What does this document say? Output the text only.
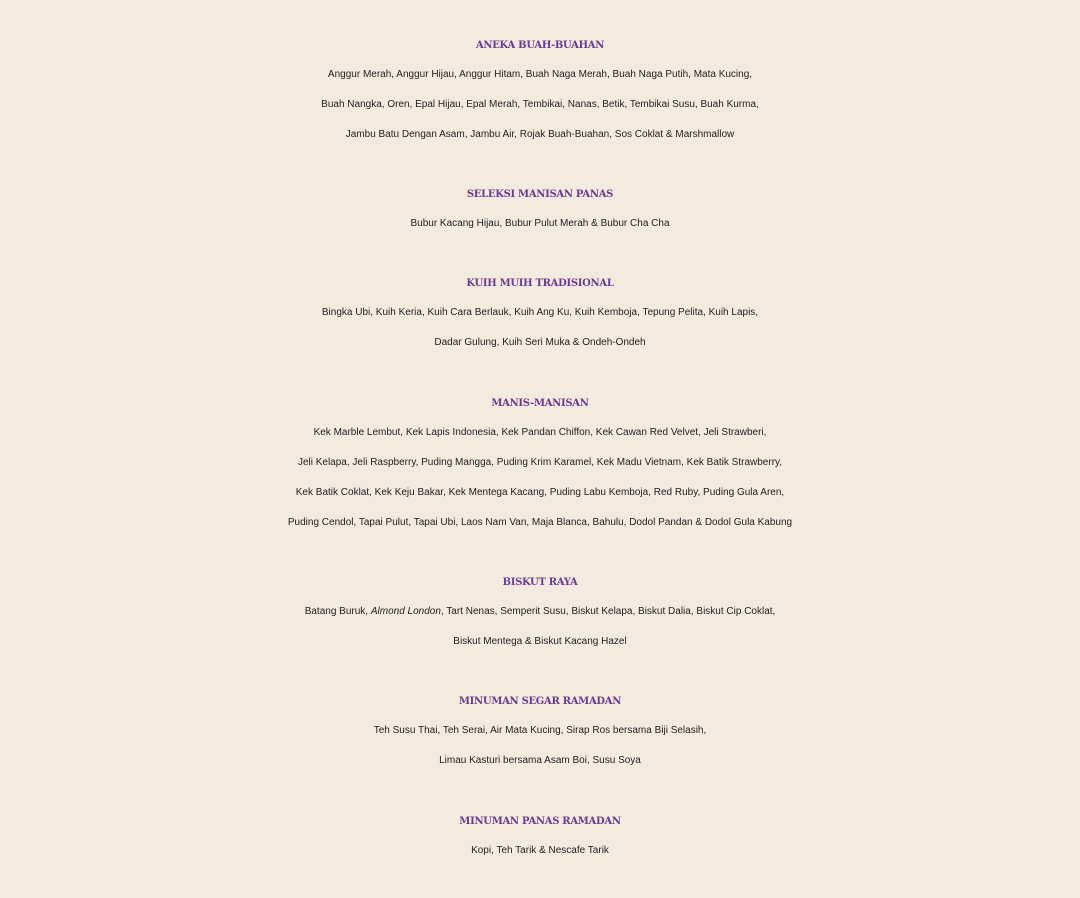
ANEKA BUAH-BUAHAN
Anggur Merah, Anggur Hijau, Anggur Hitam, Buah Naga Merah, Buah Naga Putih, Mata Kucing,
Buah Nangka, Oren, Epal Hijau, Epal Merah, Tembikai, Nanas, Betik, Tembikai Susu, Buah Kurma,
Jambu Batu Dengan Asam, Jambu Air, Rojak Buah-Buahan, Sos Coklat & Marshmallow
SELEKSI MANISAN PANAS
Bubur Kacang Hijau, Bubur Pulut Merah & Bubur Cha Cha
KUIH MUIH TRADISIONAL
Bingka Ubi, Kuih Keria, Kuih Cara Berlauk, Kuih Ang Ku, Kuih Kemboja, Tepung Pelita, Kuih Lapis,
Dadar Gulung, Kuih Seri Muka & Ondeh-Ondeh
MANIS-MANISAN
Kek Marble Lembut, Kek Lapis Indonesia, Kek Pandan Chiffon, Kek Cawan Red Velvet, Jeli Strawberi,
Jeli Kelapa, Jeli Raspberry, Puding Mangga, Puding Krim Karamel, Kek Madu Vietnam, Kek Batik Strawberry,
Kek Batik Coklat, Kek Keju Bakar, Kek Mentega Kacang, Puding Labu Kemboja, Red Ruby, Puding Gula Aren,
Puding Cendol, Tapai Pulut, Tapai Ubi, Laos Nam Van, Maja Blanca, Bahulu, Dodol Pandan & Dodol Gula Kabung
BISKUT RAYA
Batang Buruk, Almond London, Tart Nenas, Semperit Susu, Biskut Kelapa, Biskut Dalia, Biskut Cip Coklat,
Biskut Mentega & Biskut Kacang Hazel
MINUMAN SEGAR RAMADAN
Teh Susu Thai, Teh Serai, Air Mata Kucing, Sirap Ros bersama Biji Selasih,
Limau Kasturi bersama Asam Boi, Susu Soya
MINUMAN PANAS RAMADAN
Kopi, Teh Tarik & Nescafe Tarik
